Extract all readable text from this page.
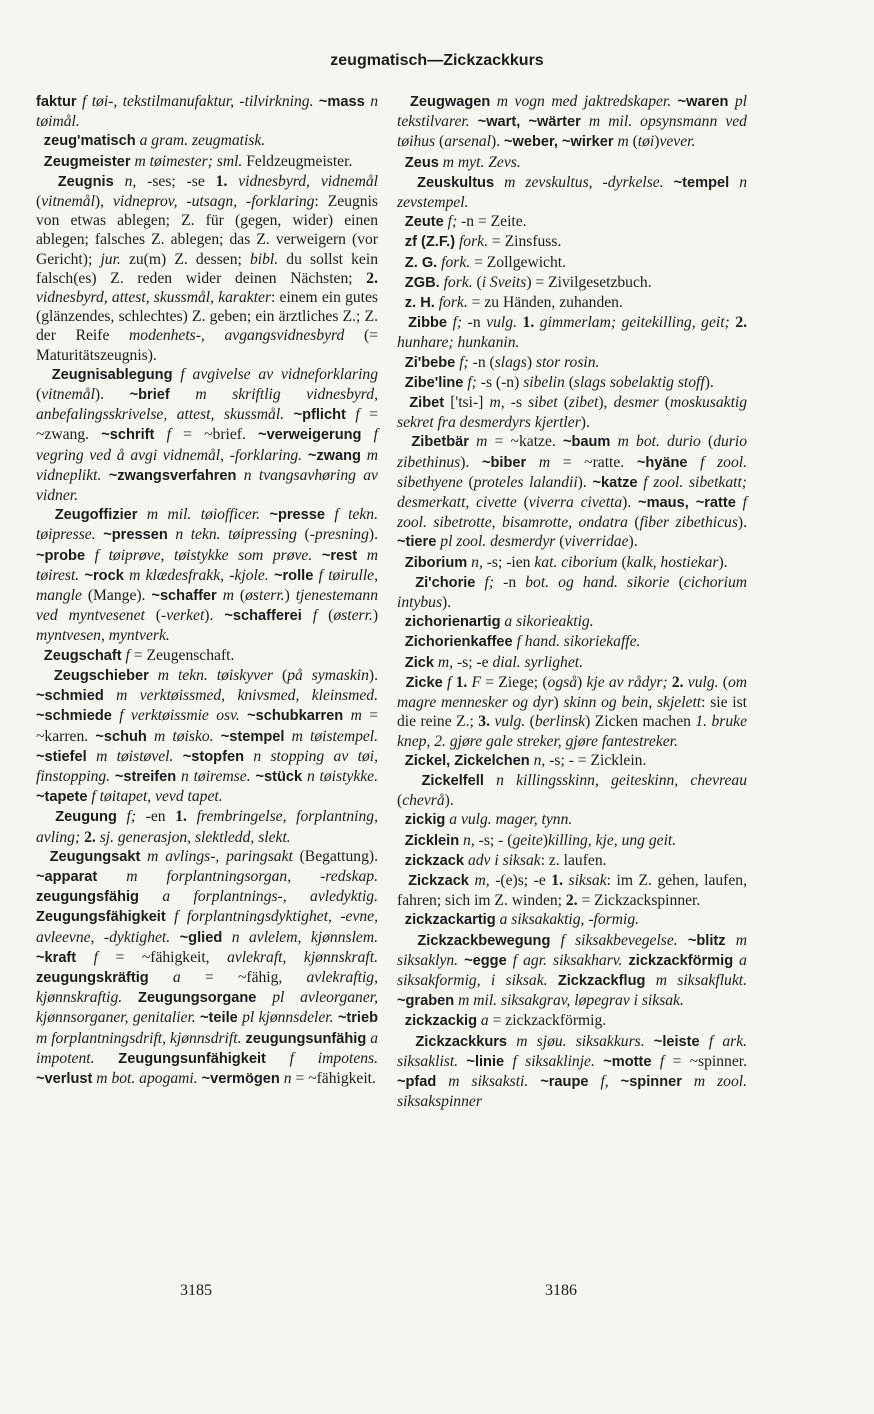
zeugmatisch—Zickzackkurs

faktur f tøi-, tekstilmanufaktur, -tilvirkning. ~mass n tøimål.

zeug'matisch a gram. zeugmatisk.

Zeugmeister m tøimester; sml. Feldzeugmeister.

Zeugnis n, -ses; -se 1. vidnesbyrd, vidnemål (vitnemål), vidneprov, -utsagn, -forklaring: Zeugnis von etwas ablegen; Z. für (gegen, wider) einen ablegen; falsches Z. ablegen; das Z. verweigern (vor Gericht); jur. zu(m) Z. dessen; bibl. du sollst kein falsch(es) Z. reden wider deinen Nächsten; 2. vidnesbyrd, attest, skussmål, karakter: einem ein gutes (glänzendes, schlechtes) Z. geben; ein ärztliches Z.; Z. der Reife modenhets-, avgangsvidnesbyrd (= Maturitätszeugnis).

Zeugnisablegung f avgivelse av vidneforklaring (vitnemål). ~brief m skriftlig vidnesbyrd, anbefalingsskrivelse, attest, skussmål. ~pflicht f = ~zwang. ~schrift f = ~brief. ~verweigerung f vegring ved å avgi vidnemål, -forklaring. ~zwang m vidneplikt. ~zwangsverfahren n tvangsavhøring av vidner.

Zeugoffizier m mil. tøiofficer. ~presse f tekn. tøipresse. ~pressen n tekn. tøipressing (-presning). ~probe f tøiprøve, tøistykke som prøve. ~rest m tøirest. ~rock m klædesfrakk, -kjole. ~rolle f tøirulle, mangle (Mange). ~schaffer m (østerr.) tjenestemann ved myntvesenet (-verket). ~schafferei f (østerr.) myntvesen, myntverk.

Zeugschaft f = Zeugenschaft.

Zeugschieber m tekn. tøiskyver (på symaskin). ~schmied m verktøissmed, knivsmed, kleinsmed. ~schmiede f verktøissmie osv. ~schubkarren m = ~karren. ~schuh m tøisko. ~stempel m tøistempel. ~stiefel m tøistøvel. ~stopfen n stopping av tøi, finstopping. ~streifen n tøiremse. ~stück n tøistykke. ~tapete f tøitapet, vevd tapet.

Zeugung f; -en 1. frembringelse, forplantning, avling; 2. sj. generasjon, slektledd, slekt.

Zeugungsakt m avlings-, paringsakt (Begattung). ~apparat m forplantningsorgan, -redskap. zeugungsfähig a forplantnings-, avledyktig. Zeugungsfähigkeit f forplantningsdyktighet, -evne, avleevne, -dyktighet. ~glied n avlelem, kjønnslem. ~kraft f = ~fähigkeit, avlekraft, kjønnskraft. zeugungskräftig a = ~fähig, avlekraftig, kjønnskraftig. Zeugungsorgane pl avleorganer, kjønnsorganer, genitalier. ~teile pl kjønnsdeler. ~trieb m forplantningsdrift, kjønnsdrift. zeugungsunfähig a impotent. Zeugungsunfähigkeit f impotens. ~verlust m bot. apogami. ~vermögen n = ~fähigkeit.

Zeugwagen m vogn med jaktredskaper. ~waren pl tekstilvarer. ~wart, ~wärter m mil. opsynsmann ved tøihus (arsenal). ~weber, ~wirker m (tøi)vever.

Zeus m myt. Zevs.

Zeuskultus m zevskultus, -dyrkelse. ~tempel n zevstempel.

Zeute f; -n = Zeite.

zf (Z.F.) fork. = Zinsfuss.

Z. G. fork. = Zollgewicht.

ZGB. fork. (i Sveits) = Zivilgesetzbuch.

z. H. fork. = zu Händen, zuhanden.

Zibbe f; -n vulg. 1. gimmerlam; geitekilling, geit; 2. hunhare; hunkanin.

Zi'bebe f; -n (slags) stor rosin.

Zibe'line f; -s (-n) sibelin (slags sobelaktig stoff).

Zibet ['tsi-] m, -s sibet (zibet), desmer (moskusaktig sekret fra desmerdyrs kjertler).

Zibetbär m = ~katze. ~baum m bot. durio (durio zibethinus). ~biber m = ~ratte. ~hyäne f zool. sibethyene (proteles lalandii). ~katze f zool. sibetkatt; desmerkatt, civette (viverra civetta). ~maus, ~ratte f zool. sibetrotte, bisamrotte, ondatra (fiber zibethicus). ~tiere pl zool. desmerdyr (viverridae).

Ziborium n, -s; -ien kat. ciborium (kalk, hostiekar).

Zi'chorie f; -n bot. og hand. sikorie (cichorium intybus).

zichorienartig a sikorieaktig.

Zichorienkaffee f hand. sikoriekaffe.

Zick m, -s; -e dial. syrlighet.

Zicke f 1. F = Ziege; (også) kje av rådyr; 2. vulg. (om magre mennesker og dyr) skinn og bein, skjelett: sie ist die reine Z.; 3. vulg. (berlinsk) Zicken machen 1. bruke knep, 2. gjøre gale streker, gjøre fantestreker.

Zickel, Zickelchen n, -s; - = Zicklein.

Zickelfell n killingsskinn, geiteskinn, chevreau (chevrå).

zickig a vulg. mager, tynn.

Zicklein n, -s; - (geite)killing, kje, ung geit.

zickzack adv i siksak: z. laufen.

Zickzack m, -(e)s; -e 1. siksak: im Z. gehen, laufen, fahren; sich im Z. winden; 2. = Zickzackspinner.

zickzackartig a siksakaktig, -formig.

Zickzackbewegung f siksakbevegelse. ~blitz m siksaklyn. ~egge f agr. siksakharv. zickzackförmig a siksakformig, i siksak. Zickzackflug m siksakflukt. ~graben m mil. siksakgrav, løpegrav i siksak.

zickzackig a = zickzackförmig.

Zickzackkurs m sjøu. siksakkurs. ~leiste f ark. siksaklist. ~linie f siksaklinje. ~motte f = ~spinner. ~pfad m siksaksti. ~raupe f, ~spinner m zool. siksakspinner

3185	3186
